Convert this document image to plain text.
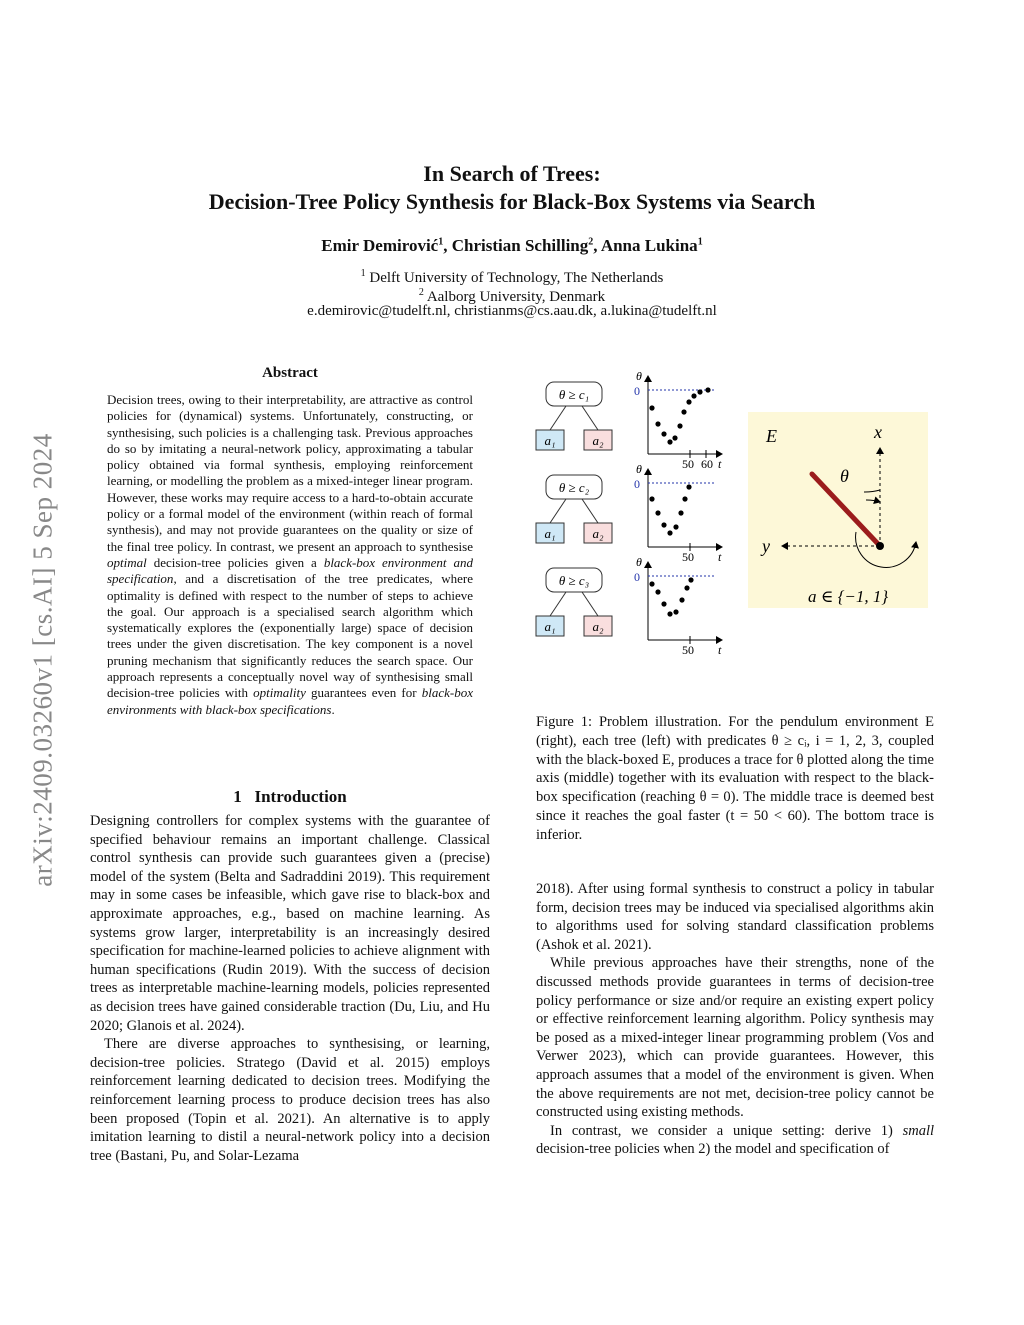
arXiv:2409.03260v1 [cs.AI] 5 Sep 2024
In Search of Trees:
Decision-Tree Policy Synthesis for Black-Box Systems via Search
Emir Demirović$^1$, Christian Schilling$^2$, Anna Lukina$^1$
$^1$ Delft University of Technology, The Netherlands
$^2$ Aalborg University, Denmark
e.demirovic@tudelft.nl, christianms@cs.aau.dk, a.lukina@tudelft.nl
Abstract
Decision trees, owing to their interpretability, are attractive as control policies for (dynamical) systems. Unfortunately, constructing, or synthesising, such policies is a challenging task. Previous approaches do so by imitating a neural-network policy, approximating a tabular policy obtained via formal synthesis, employing reinforcement learning, or modelling the problem as a mixed-integer linear program. However, these works may require access to a hard-to-obtain accurate policy or a formal model of the environment (within reach of formal synthesis), and may not provide guarantees on the quality or size of the final tree policy. In contrast, we present an approach to synthesise optimal decision-tree policies given a black-box environment and specification, and a discretisation of the tree predicates, where optimality is defined with respect to the number of steps to achieve the goal. Our approach is a specialised search algorithm which systematically explores the (exponentially large) space of decision trees under the given discretisation. The key component is a novel pruning mechanism that significantly reduces the search space. Our approach represents a conceptually novel way of synthesising small decision-tree policies with optimality guarantees even for black-box environments with black-box specifications.
1 Introduction

Designing controllers for complex systems with the guarantee of specified behaviour remains an important challenge. Classical control synthesis can provide such guarantees given a (precise) model of the system (Belta and Sadraddini 2019). This requirement may in some cases be infeasible, which gave rise to black-box and approximate approaches, e.g., based on machine learning. As systems grow larger, interpretability is an increasingly desired specification for machine-learned policies to achieve alignment with human specifications (Rudin 2019). With the success of decision trees as interpretable machine-learning models, policies represented as decision trees have gained considerable traction (Du, Liu, and Hu 2020; Glanois et al. 2024).

There are diverse approaches to synthesising, or learning, decision-tree policies. Stratego (David et al. 2015) employs reinforcement learning dedicated to decision trees. Modifying the reinforcement learning process to produce decision trees has also been proposed (Topin et al. 2021). An alternative is to apply imitation learning to distil a neural-network policy into a decision tree (Bastani, Pu, and Solar-Lezama

θ ≥ c₁
a₁	a₂
θ ≥ c₂
a₁	a₂
θ ≥ c₃
a₁	a₂
θ
0
50 60 t
θ
0
50 t
θ
0
50 t
E	x
y
θ
a ∈ {−1, 1}
Figure 1: Problem illustration. For the pendulum environment E (right), each tree (left) with predicates θ ≥ cᵢ, i = 1, 2, 3, coupled with the black-boxed E, produces a trace for θ plotted along the time axis (middle) together with its evaluation with respect to the black-box specification (reaching θ = 0). The middle trace is deemed best since it reaches the goal faster (t = 50 < 60). The bottom trace is inferior.

2018). After using formal synthesis to construct a policy in tabular form, decision trees may be induced via specialised algorithms akin to algorithms used for solving standard classification problems (Ashok et al. 2021).

While previous approaches have their strengths, none of the discussed methods provide guarantees in terms of decision-tree policy performance or size and/or require an existing expert policy or effective reinforcement learning algorithm. Policy synthesis may be posed as a mixed-integer linear programming problem (Vos and Verwer 2023), which can provide guarantees. However, this approach assumes that a model of the environment is given. When the above requirements are not met, decision-tree policy cannot be constructed using existing methods.

In contrast, we consider a unique setting: derive 1) small decision-tree policies when 2) the model and specification of
